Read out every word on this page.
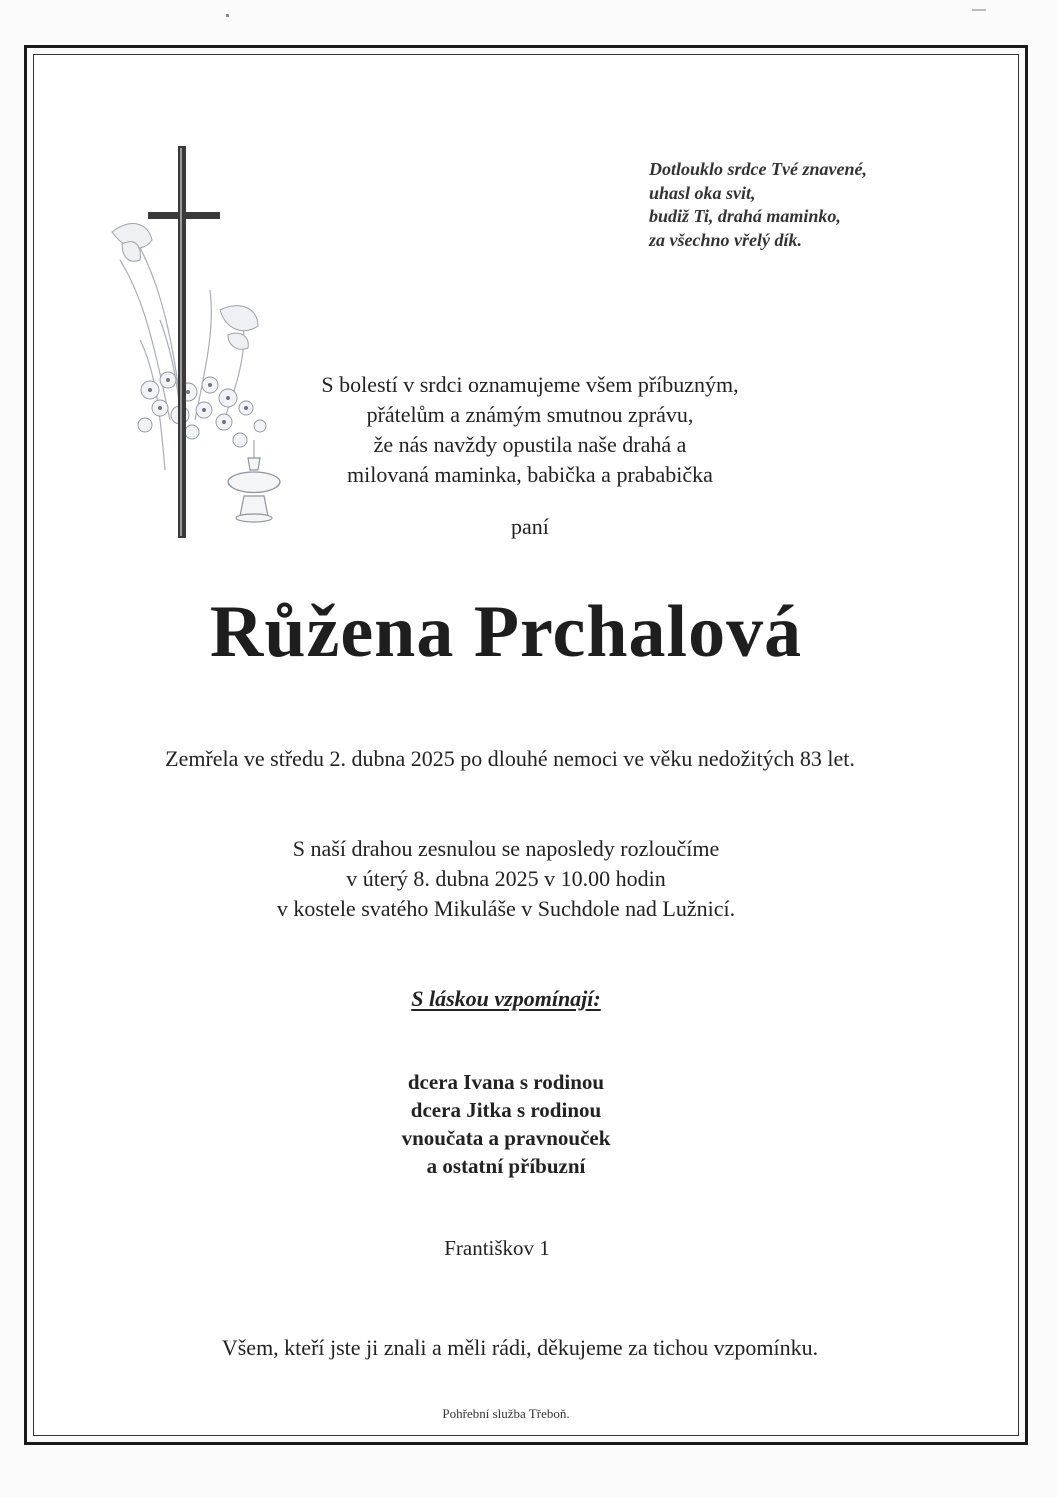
Dotlouklo srdce Tvé znavené,
uhasl oka svit,
budiž Ti, drahá maminko,
za všechno vřelý dík.
S bolestí v srdci oznamujeme všem příbuzným,
přátelům a známým smutnou zprávu,
že nás navždy opustila naše drahá a
milovaná maminka, babička a prababička
paní
Růžena Prchalová
Zemřela ve středu 2. dubna 2025 po dlouhé nemoci ve věku nedožitých 83 let.
S naší drahou zesnulou se naposledy rozloučíme
v úterý 8. dubna 2025 v 10.00 hodin
v kostele svatého Mikuláše v Suchdole nad Lužnicí.
S láskou vzpomínají:
dcera Ivana s rodinou
dcera Jitka s rodinou
vnoučata a pravnouček
a ostatní příbuzní
Františkov 1
Všem, kteří jste ji znali a měli rádi, děkujeme za tichou vzpomínku.
Pohřební služba Třeboň.
